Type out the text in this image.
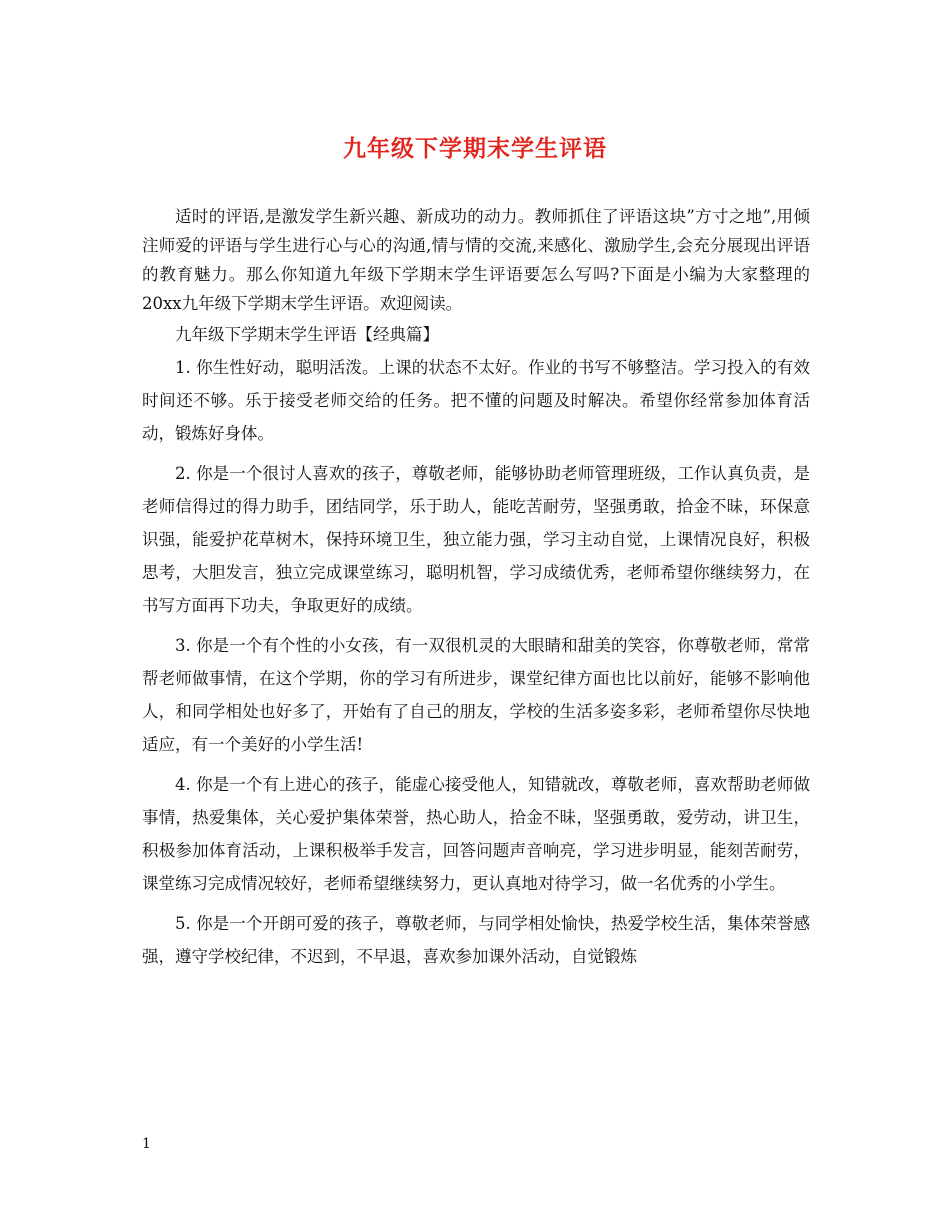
九年级下学期末学生评语

适时的评语,是激发学生新兴趣、新成功的动力。教师抓住了评语这块”方寸之地”,用倾注师爱的评语与学生进行心与心的沟通,情与情的交流,来感化、激励学生,会充分展现出评语的教育魅力。那么你知道九年级下学期末学生评语要怎么写吗?下面是小编为大家整理的20xx九年级下学期末学生评语。欢迎阅读。

九年级下学期末学生评语【经典篇】

1. 你生性好动，聪明活泼。上课的状态不太好。作业的书写不够整洁。学习投入的有效时间还不够。乐于接受老师交给的任务。把不懂的问题及时解决。希望你经常参加体育活动，锻炼好身体。

2. 你是一个很讨人喜欢的孩子，尊敬老师，能够协助老师管理班级，工作认真负责，是老师信得过的得力助手，团结同学，乐于助人，能吃苦耐劳，坚强勇敢，拾金不昧，环保意识强，能爱护花草树木，保持环境卫生，独立能力强，学习主动自觉，上课情况良好，积极思考，大胆发言，独立完成课堂练习，聪明机智，学习成绩优秀，老师希望你继续努力，在书写方面再下功夫，争取更好的成绩。

3. 你是一个有个性的小女孩，有一双很机灵的大眼睛和甜美的笑容，你尊敬老师，常常帮老师做事情，在这个学期，你的学习有所进步，课堂纪律方面也比以前好，能够不影响他人，和同学相处也好多了，开始有了自己的朋友，学校的生活多姿多彩，老师希望你尽快地适应，有一个美好的小学生活!

4. 你是一个有上进心的孩子，能虚心接受他人，知错就改，尊敬老师，喜欢帮助老师做事情，热爱集体，关心爱护集体荣誉，热心助人，拾金不昧，坚强勇敢，爱劳动，讲卫生，积极参加体育活动，上课积极举手发言，回答问题声音响亮，学习进步明显，能刻苦耐劳，课堂练习完成情况较好，老师希望继续努力，更认真地对待学习，做一名优秀的小学生。

5. 你是一个开朗可爱的孩子，尊敬老师，与同学相处愉快，热爱学校生活，集体荣誉感强，遵守学校纪律，不迟到，不早退，喜欢参加课外活动，自觉锻炼

1
